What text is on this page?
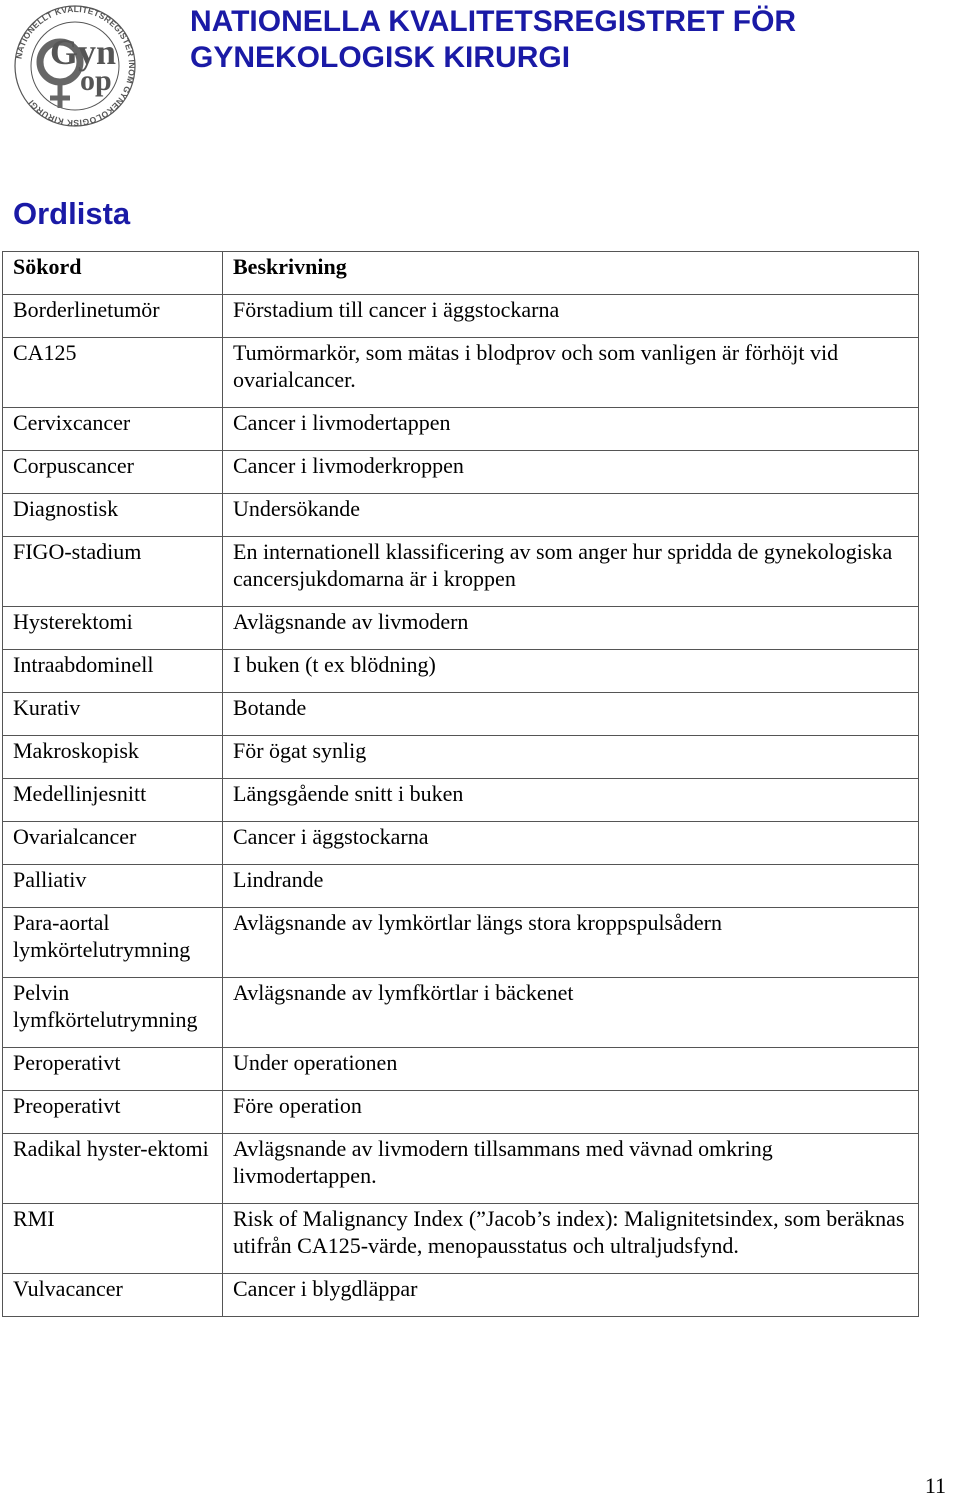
NATIONELLT KVALITETSREGISTER INOM GYNEKOLOGISK KIRURGI
Gyn
op
NATIONELLA KVALITETSREGISTRET FÖR
GYNEKOLOGISK KIRURGI
Ordlista
Sökord	Beskrivning
Borderlinetumör	Förstadium till cancer i äggstockarna
CA125	Tumörmarkör, som mätas i blodprov och som vanligen är förhöjt vid ovarialcancer.
Cervixcancer	Cancer i livmodertappen
Corpuscancer	Cancer i livmoderkroppen
Diagnostisk	Undersökande
FIGO-stadium	En internationell klassificering av som anger hur spridda de gynekologiska cancersjukdomarna är i kroppen
Hysterektomi	Avlägsnande av livmodern
Intraabdominell	I buken (t ex blödning)
Kurativ	Botande
Makroskopisk	För ögat synlig
Medellinjesnitt	Längsgående snitt i buken
Ovarialcancer	Cancer i äggstockarna
Palliativ	Lindrande
Para-aortal lymkörtelutrymning	Avlägsnande av lymkörtlar längs stora kroppspulsådern
Pelvin lymfkörtelutrymning	Avlägsnande av lymfkörtlar i bäckenet
Peroperativt	Under operationen
Preoperativt	Före operation
Radikal hyster-ektomi	Avlägsnande av livmodern tillsammans med vävnad omkring livmodertappen.
RMI	Risk of Malignancy Index (”Jacob’s index): Malignitetsindex, som beräknas utifrån CA125-värde, menopausstatus och ultraljudsfynd.
Vulvacancer	Cancer i blygdläppar
11
